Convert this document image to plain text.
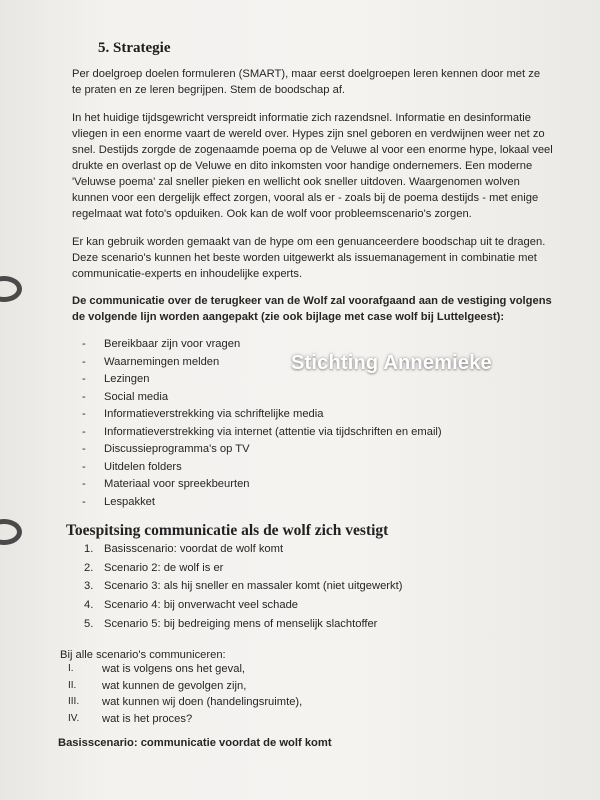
5. Strategie

Per doelgroep doelen formuleren (SMART), maar eerst doelgroepen leren kennen door met ze te praten en ze leren begrijpen. Stem de boodschap af.

In het huidige tijdsgewricht verspreidt informatie zich razendsnel. Informatie en desinformatie vliegen in een enorme vaart de wereld over. Hypes zijn snel geboren en verdwijnen weer net zo snel. Destijds zorgde de zogenaamde poema op de Veluwe al voor een enorme hype, lokaal veel drukte en overlast op de Veluwe en dito inkomsten voor handige ondernemers. Een moderne 'Veluwse poema' zal sneller pieken en wellicht ook sneller uitdoven. Waargenomen wolven kunnen voor een dergelijk effect zorgen, vooral als er - zoals bij de poema destijds - met enige regelmaat wat foto's opduiken. Ook kan de wolf voor probleemscenario's zorgen.

Er kan gebruik worden gemaakt van de hype om een genuanceerdere boodschap uit te dragen. Deze scenario's kunnen het beste worden uitgewerkt als issuemanagement in combinatie met communicatie-experts en inhoudelijke experts.

De communicatie over de terugkeer van de Wolf zal voorafgaand aan de vestiging volgens de volgende lijn worden aangepakt (zie ook bijlage met case wolf bij Luttelgeest):

- Bereikbaar zijn voor vragen
- Waarnemingen melden
- Lezingen
- Social media
- Informatieverstrekking via schriftelijke media
- Informatieverstrekking via internet (attentie via tijdschriften en email)
- Discussieprogramma's op TV
- Uitdelen folders
- Materiaal voor spreekbeurten
- Lespakket
Toespitsing communicatie als de wolf zich vestigt
1. Basisscenario: voordat de wolf komt
2. Scenario 2: de wolf is er
3. Scenario 3: als hij sneller en massaler komt (niet uitgewerkt)
4. Scenario 4: bij onverwacht veel schade
5. Scenario 5: bij bedreiging mens of menselijk slachtoffer

Bij alle scenario's communiceren:

I.	wat is volgens ons het geval,
II. wat kunnen de gevolgen zijn,
III. wat kunnen wij doen (handelingsruimte),
IV. wat is het proces?

Basisscenario: communicatie voordat de wolf komt

Stichting Annemieke
